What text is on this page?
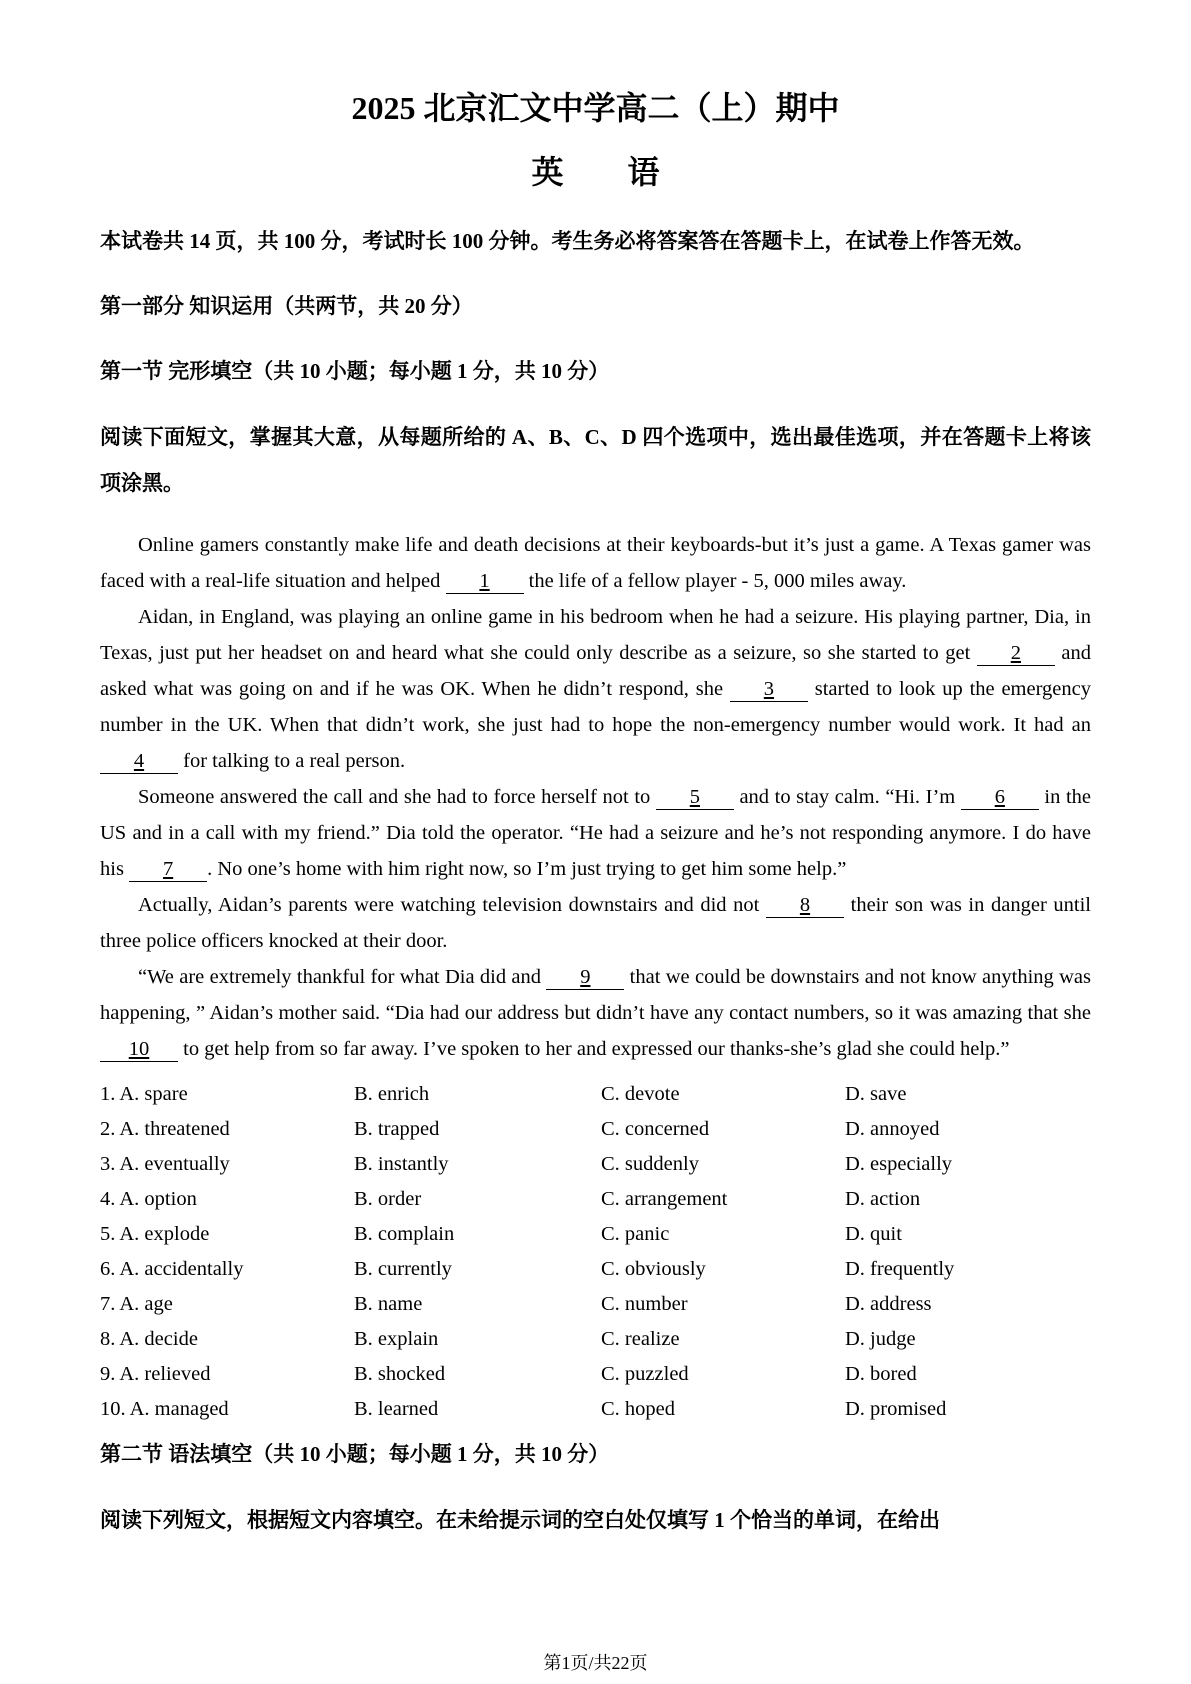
2025 北京汇文中学高二（上）期中
英　　语

本试卷共 14 页，共 100 分，考试时长 100 分钟。考生务必将答案答在答题卡上，在试卷上作答无效。

第一部分 知识运用（共两节，共 20 分）

第一节 完形填空（共 10 小题；每小题 1 分，共 10 分）

阅读下面短文，掌握其大意，从每题所给的 A、B、C、D 四个选项中，选出最佳选项，并在答题卡上将该项涂黑。

Online gamers constantly make life and death decisions at their keyboards-but it’s just a game. A Texas gamer was faced with a real-life situation and helped 1 the life of a fellow player - 5, 000 miles away.

Aidan, in England, was playing an online game in his bedroom when he had a seizure. His playing partner, Dia, in Texas, just put her headset on and heard what she could only describe as a seizure, so she started to get 2 and asked what was going on and if he was OK. When he didn’t respond, she 3 started to look up the emergency number in the UK. When that didn’t work, she just had to hope the non-emergency number would work. It had an 4 for talking to a real person.

Someone answered the call and she had to force herself not to 5 and to stay calm. “Hi. I’m 6 in the US and in a call with my friend.” Dia told the operator. “He had a seizure and he’s not responding anymore. I do have his 7 . No one’s home with him right now, so I’m just trying to get him some help.”

Actually, Aidan’s parents were watching television downstairs and did not 8 their son was in danger until three police officers knocked at their door.

“We are extremely thankful for what Dia did and 9 that we could be downstairs and not know anything was happening, ” Aidan’s mother said. “Dia had our address but didn’t have any contact numbers, so it was amazing that she 10 to get help from so far away. I’ve spoken to her and expressed our thanks-she’s glad she could help.”

1. A. spare	B. enrich	C. devote	D. save
2. A. threatened	B. trapped	C. concerned	D. annoyed
3. A. eventually	B. instantly	C. suddenly	D. especially
4. A. option	B. order	C. arrangement	D. action
5. A. explode	B. complain	C. panic	D. quit
6. A. accidentally	B. currently	C. obviously	D. frequently
7. A. age	B. name	C. number	D. address
8. A. decide	B. explain	C. realize	D. judge
9. A. relieved	B. shocked	C. puzzled	D. bored
10. A. managed	B. learned	C. hoped	D. promised

第二节 语法填空（共 10 小题；每小题 1 分，共 10 分）

阅读下列短文，根据短文内容填空。在未给提示词的空白处仅填写 1 个恰当的单词，在给出

第1页/共22页
